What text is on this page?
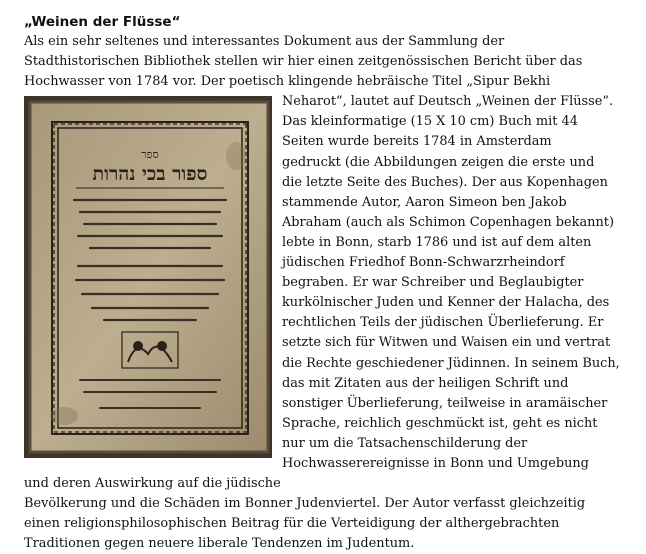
„Weinen der Flüsse“

Als ein sehr seltenes und interessantes Dokument aus der Sammlung der
Stadthistorischen Bibliothek stellen wir hier einen zeitgenössischen Bericht über das
Hochwasser von 1784 vor. Der poetisch klingende hebräische Titel „Sipur Bekhi
ספר
ספור בכי נהרות
Neharot“, lautet auf Deutsch „Weinen der Flüsse“.
Das kleinformatige (15 X 10 cm) Buch mit 44
Seiten wurde bereits 1784 in Amsterdam
gedruckt (die Abbildungen zeigen die erste und
die letzte Seite des Buches). Der aus Kopenhagen
stammende Autor, Aaron Simeon ben Jakob
Abraham (auch als Schimon Copenhagen bekannt)
lebte in Bonn, starb 1786 und ist auf dem alten
jüdischen Friedhof Bonn-Schwarzrheindorf
begraben. Er war Schreiber und Beglaubigter
kurkölnischer Juden und Kenner der Halacha, des
rechtlichen Teils der jüdischen Überlieferung. Er
setzte sich für Witwen und Waisen ein und vertrat
die Rechte geschiedener Jüdinnen. In seinem Buch,
das mit Zitaten aus der heiligen Schrift und
sonstiger Überlieferung, teilweise in aramäischer
Sprache, reichlich geschmückt ist, geht es nicht
nur um die Tatsachenschilderung der
Hochwasserereignisse in Bonn und Umgebung
und deren Auswirkung auf die jüdische
Bevölkerung und die Schäden im Bonner Judenviertel. Der Autor verfasst gleichzeitig
einen religionsphilosophischen Beitrag für die Verteidigung der althergebrachten
Traditionen gegen neuere liberale Tendenzen im Judentum.
